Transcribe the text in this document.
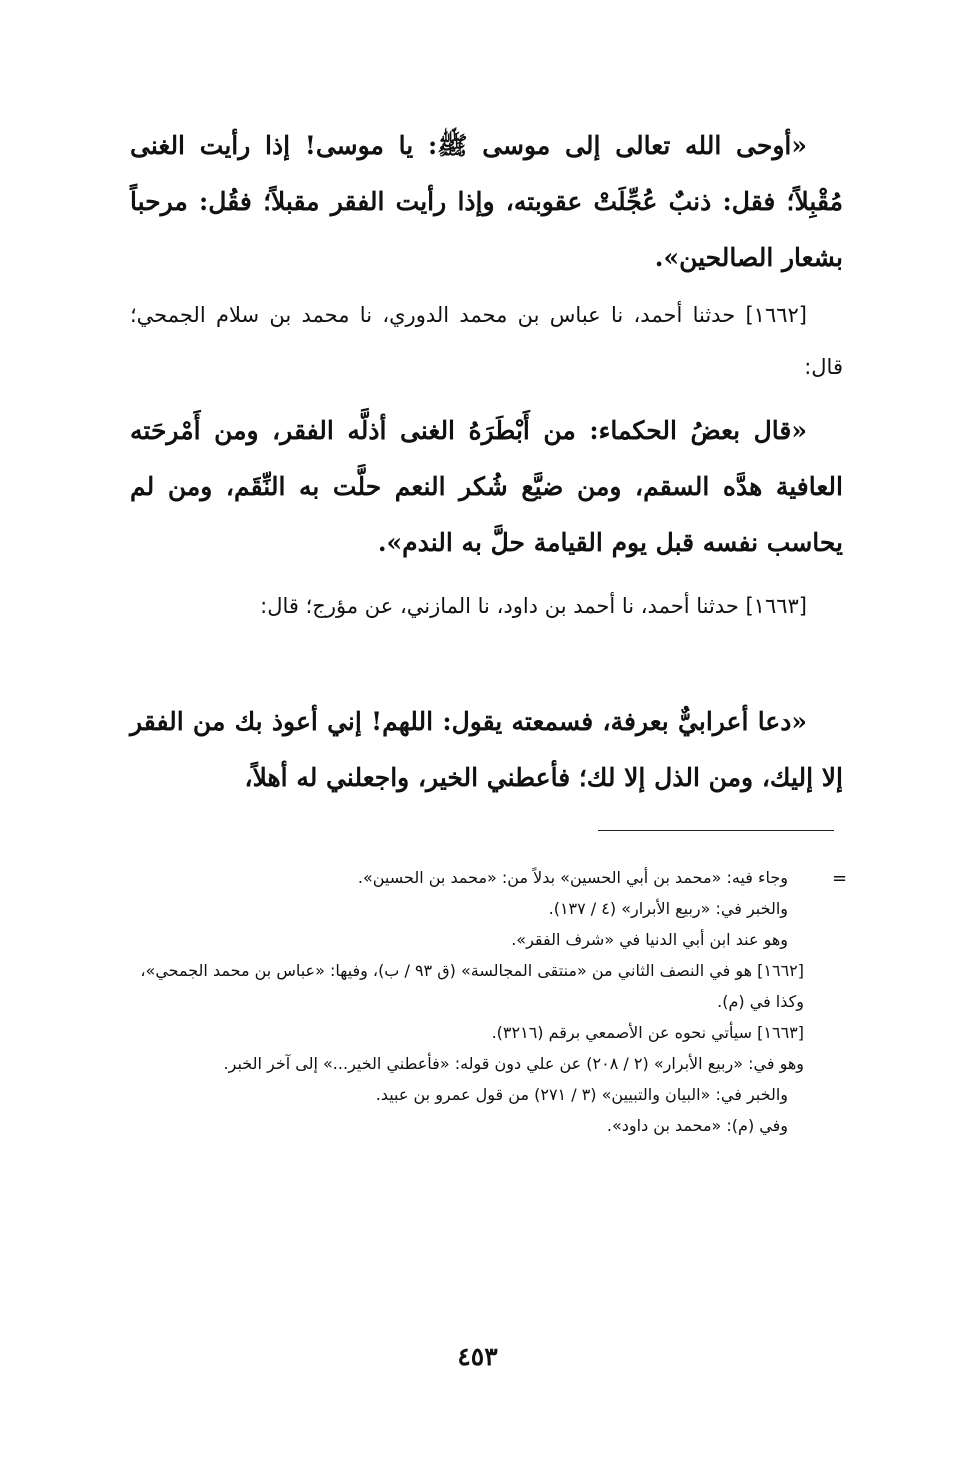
«أوحى الله تعالى إلى موسى ﷺ: يا موسى! إذا رأيت الغنى مُقْبِلاً؛ فقل: ذنبٌ عُجِّلَتْ عقوبته، وإذا رأيت الفقر مقبلاً؛ فقُل: مرحباً بشعار الصالحين».

[١٦٦٢] حدثنا أحمد، نا عباس بن محمد الدوري، نا محمد بن سلام الجمحي؛ قال:

«قال بعضُ الحكماء: من أَبْطَرَهُ الغنى أذلَّه الفقر، ومن أَمْرحَته العافية هدَّه السقم، ومن ضيَّع شُكر النعم حلَّت به النِّقَم، ومن لم يحاسب نفسه قبل يوم القيامة حلَّ به الندم».

[١٦٦٣] حدثنا أحمد، نا أحمد بن داود، نا المازني، عن مؤرج؛ قال:

«دعا أعرابيٌّ بعرفة، فسمعته يقول: اللهم! إني أعوذ بك من الفقر إلا إليك، ومن الذل إلا لك؛ فأعطني الخير، واجعلني له أهلاً،

=

وجاء فيه: «محمد بن أبي الحسين» بدلاً من: «محمد بن الحسين».

والخبر في: «ربيع الأبرار» (٤ / ١٣٧).

وهو عند ابن أبي الدنيا في «شرف الفقر».

[١٦٦٢] هو في النصف الثاني من «منتقى المجالسة» (ق ٩٣ / ب)، وفيها: «عباس بن محمد الجمحي»، وكذا في (م).

[١٦٦٣] سيأتي نحوه عن الأصمعي برقم (٣٢١٦).

وهو في: «ربيع الأبرار» (٢ / ٢٠٨) عن علي دون قوله: «فأعطني الخير...» إلى آخر الخبر.

والخبر في: «البيان والتبيين» (٣ / ٢٧١) من قول عمرو بن عبيد.

وفي (م): «محمد بن داود».

٤٥٣
